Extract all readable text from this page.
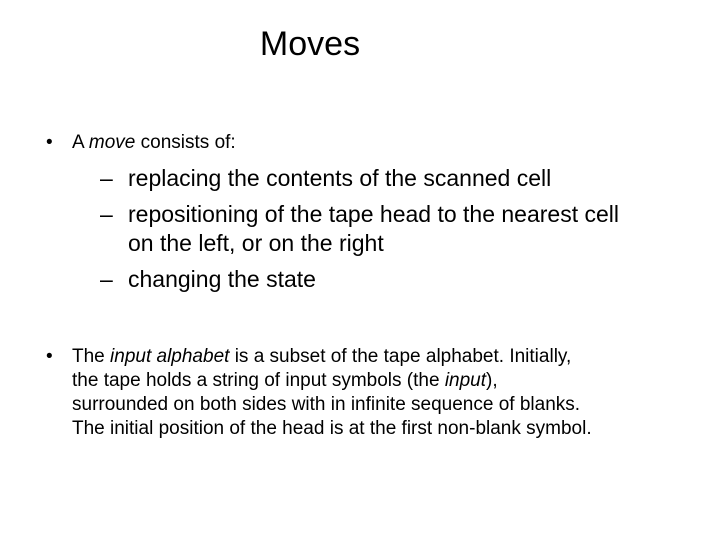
Moves
• A move consists of:
– replacing the contents of the scanned cell
– repositioning of the tape head to the nearest cell
on the left, or on the right
– changing the state
• The input alphabet is a subset of the tape alphabet. Initially,
the tape holds a string of input symbols (the input),
surrounded on both sides with in infinite sequence of blanks.
The initial position of the head is at the first non-blank symbol.
